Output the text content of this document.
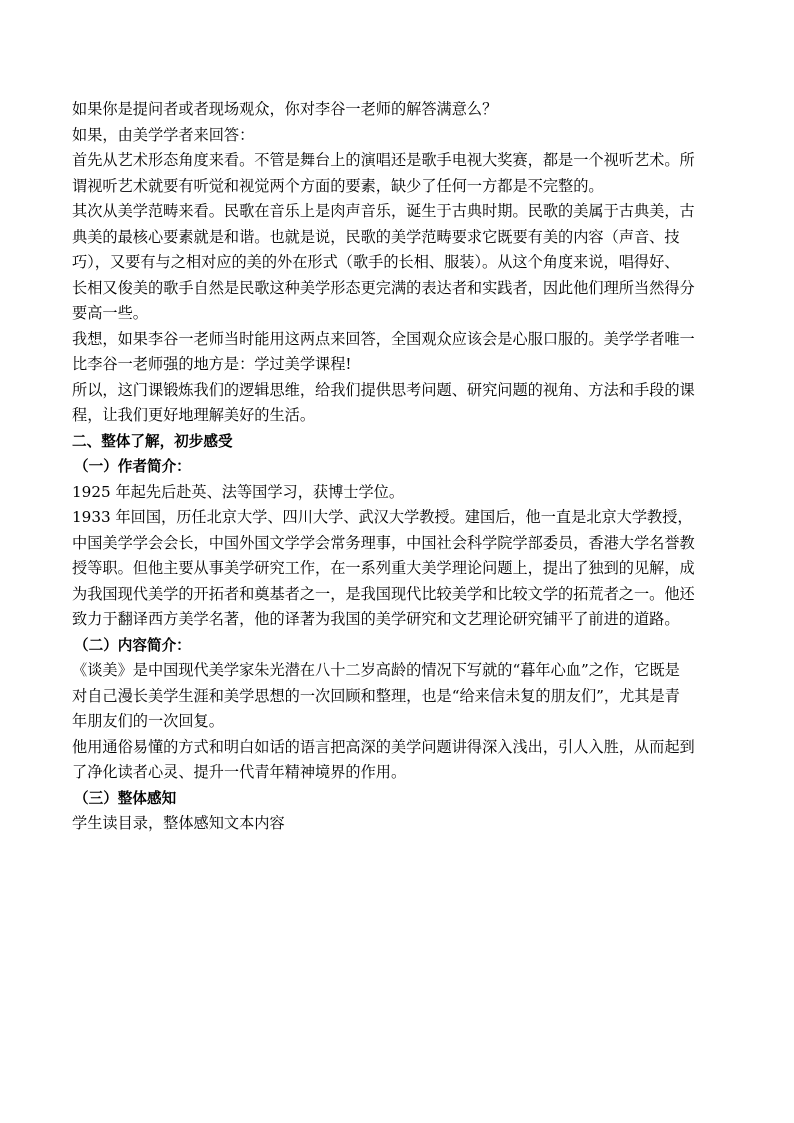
如果你是提问者或者现场观众，你对李谷一老师的解答满意么？

如果，由美学学者来回答：

首先从艺术形态角度来看。不管是舞台上的演唱还是歌手电视大奖赛，都是一个视听艺术。所
谓视听艺术就要有听觉和视觉两个方面的要素，缺少了任何一方都是不完整的。

其次从美学范畴来看。民歌在音乐上是肉声音乐，诞生于古典时期。民歌的美属于古典美，古
典美的最核心要素就是和谐。也就是说，民歌的美学范畴要求它既要有美的内容（声音、技
巧），又要有与之相对应的美的外在形式（歌手的长相、服装）。从这个角度来说，唱得好、
长相又俊美的歌手自然是民歌这种美学形态更完满的表达者和实践者，因此他们理所当然得分
要高一些。

我想，如果李谷一老师当时能用这两点来回答，全国观众应该会是心服口服的。美学学者唯一
比李谷一老师强的地方是：学过美学课程!

所以，这门课锻炼我们的逻辑思维，给我们提供思考问题、研究问题的视角、方法和手段的课
程，让我们更好地理解美好的生活。

二、整体了解，初步感受

（一）作者简介：

1925 年起先后赴英、法等国学习，获博士学位。

1933 年回国，历任北京大学、四川大学、武汉大学教授。建国后，他一直是北京大学教授，
中国美学学会会长，中国外国文学学会常务理事，中国社会科学院学部委员，香港大学名誉教
授等职。但他主要从事美学研究工作，在一系列重大美学理论问题上，提出了独到的见解，成
为我国现代美学的开拓者和奠基者之一，是我国现代比较美学和比较文学的拓荒者之一。他还
致力于翻译西方美学名著，他的译著为我国的美学研究和文艺理论研究铺平了前进的道路。

（二）内容简介：

《谈美》是中国现代美学家朱光潜在八十二岁高龄的情况下写就的“暮年心血”之作，它既是
对自己漫长美学生涯和美学思想的一次回顾和整理，也是“给来信未复的朋友们”，尤其是青
年朋友们的一次回复。

他用通俗易懂的方式和明白如话的语言把高深的美学问题讲得深入浅出，引人入胜，从而起到
了净化读者心灵、提升一代青年精神境界的作用。

（三）整体感知

学生读目录，整体感知文本内容
